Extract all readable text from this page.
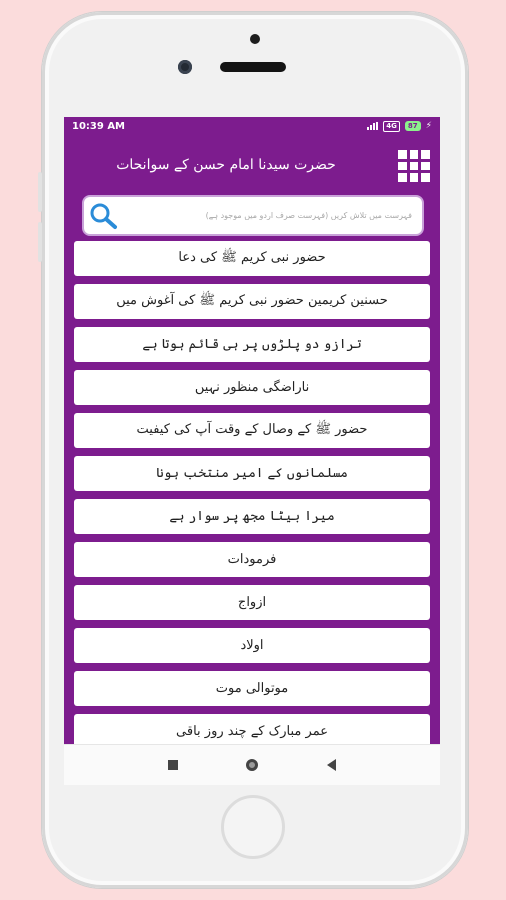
10:39 AM	4G	87 ⚡
حضرت سیدنا امام حسن کے سوانحات
فہرست میں تلاش کریں (فہرست صرف اردو میں موجود ہے)
حضور نبی کریم ﷺ کی دعا
حسنین کریمین حضور نبی کریم ﷺ کی آغوش میں
ترازو دو پلڑوں پر ہی قائم ہوتا ہے
ناراضگی منظور نہیں
حضور ﷺ کے وصال کے وقت آپ کی کیفیت
مسلمانوں کے امیر منتخب ہونا
میرا بیٹا مجھ پر سوار ہے
فرمودات
ازواج
اولاد
موتوالی موت
عمر مبارک کے چند روز باقی
